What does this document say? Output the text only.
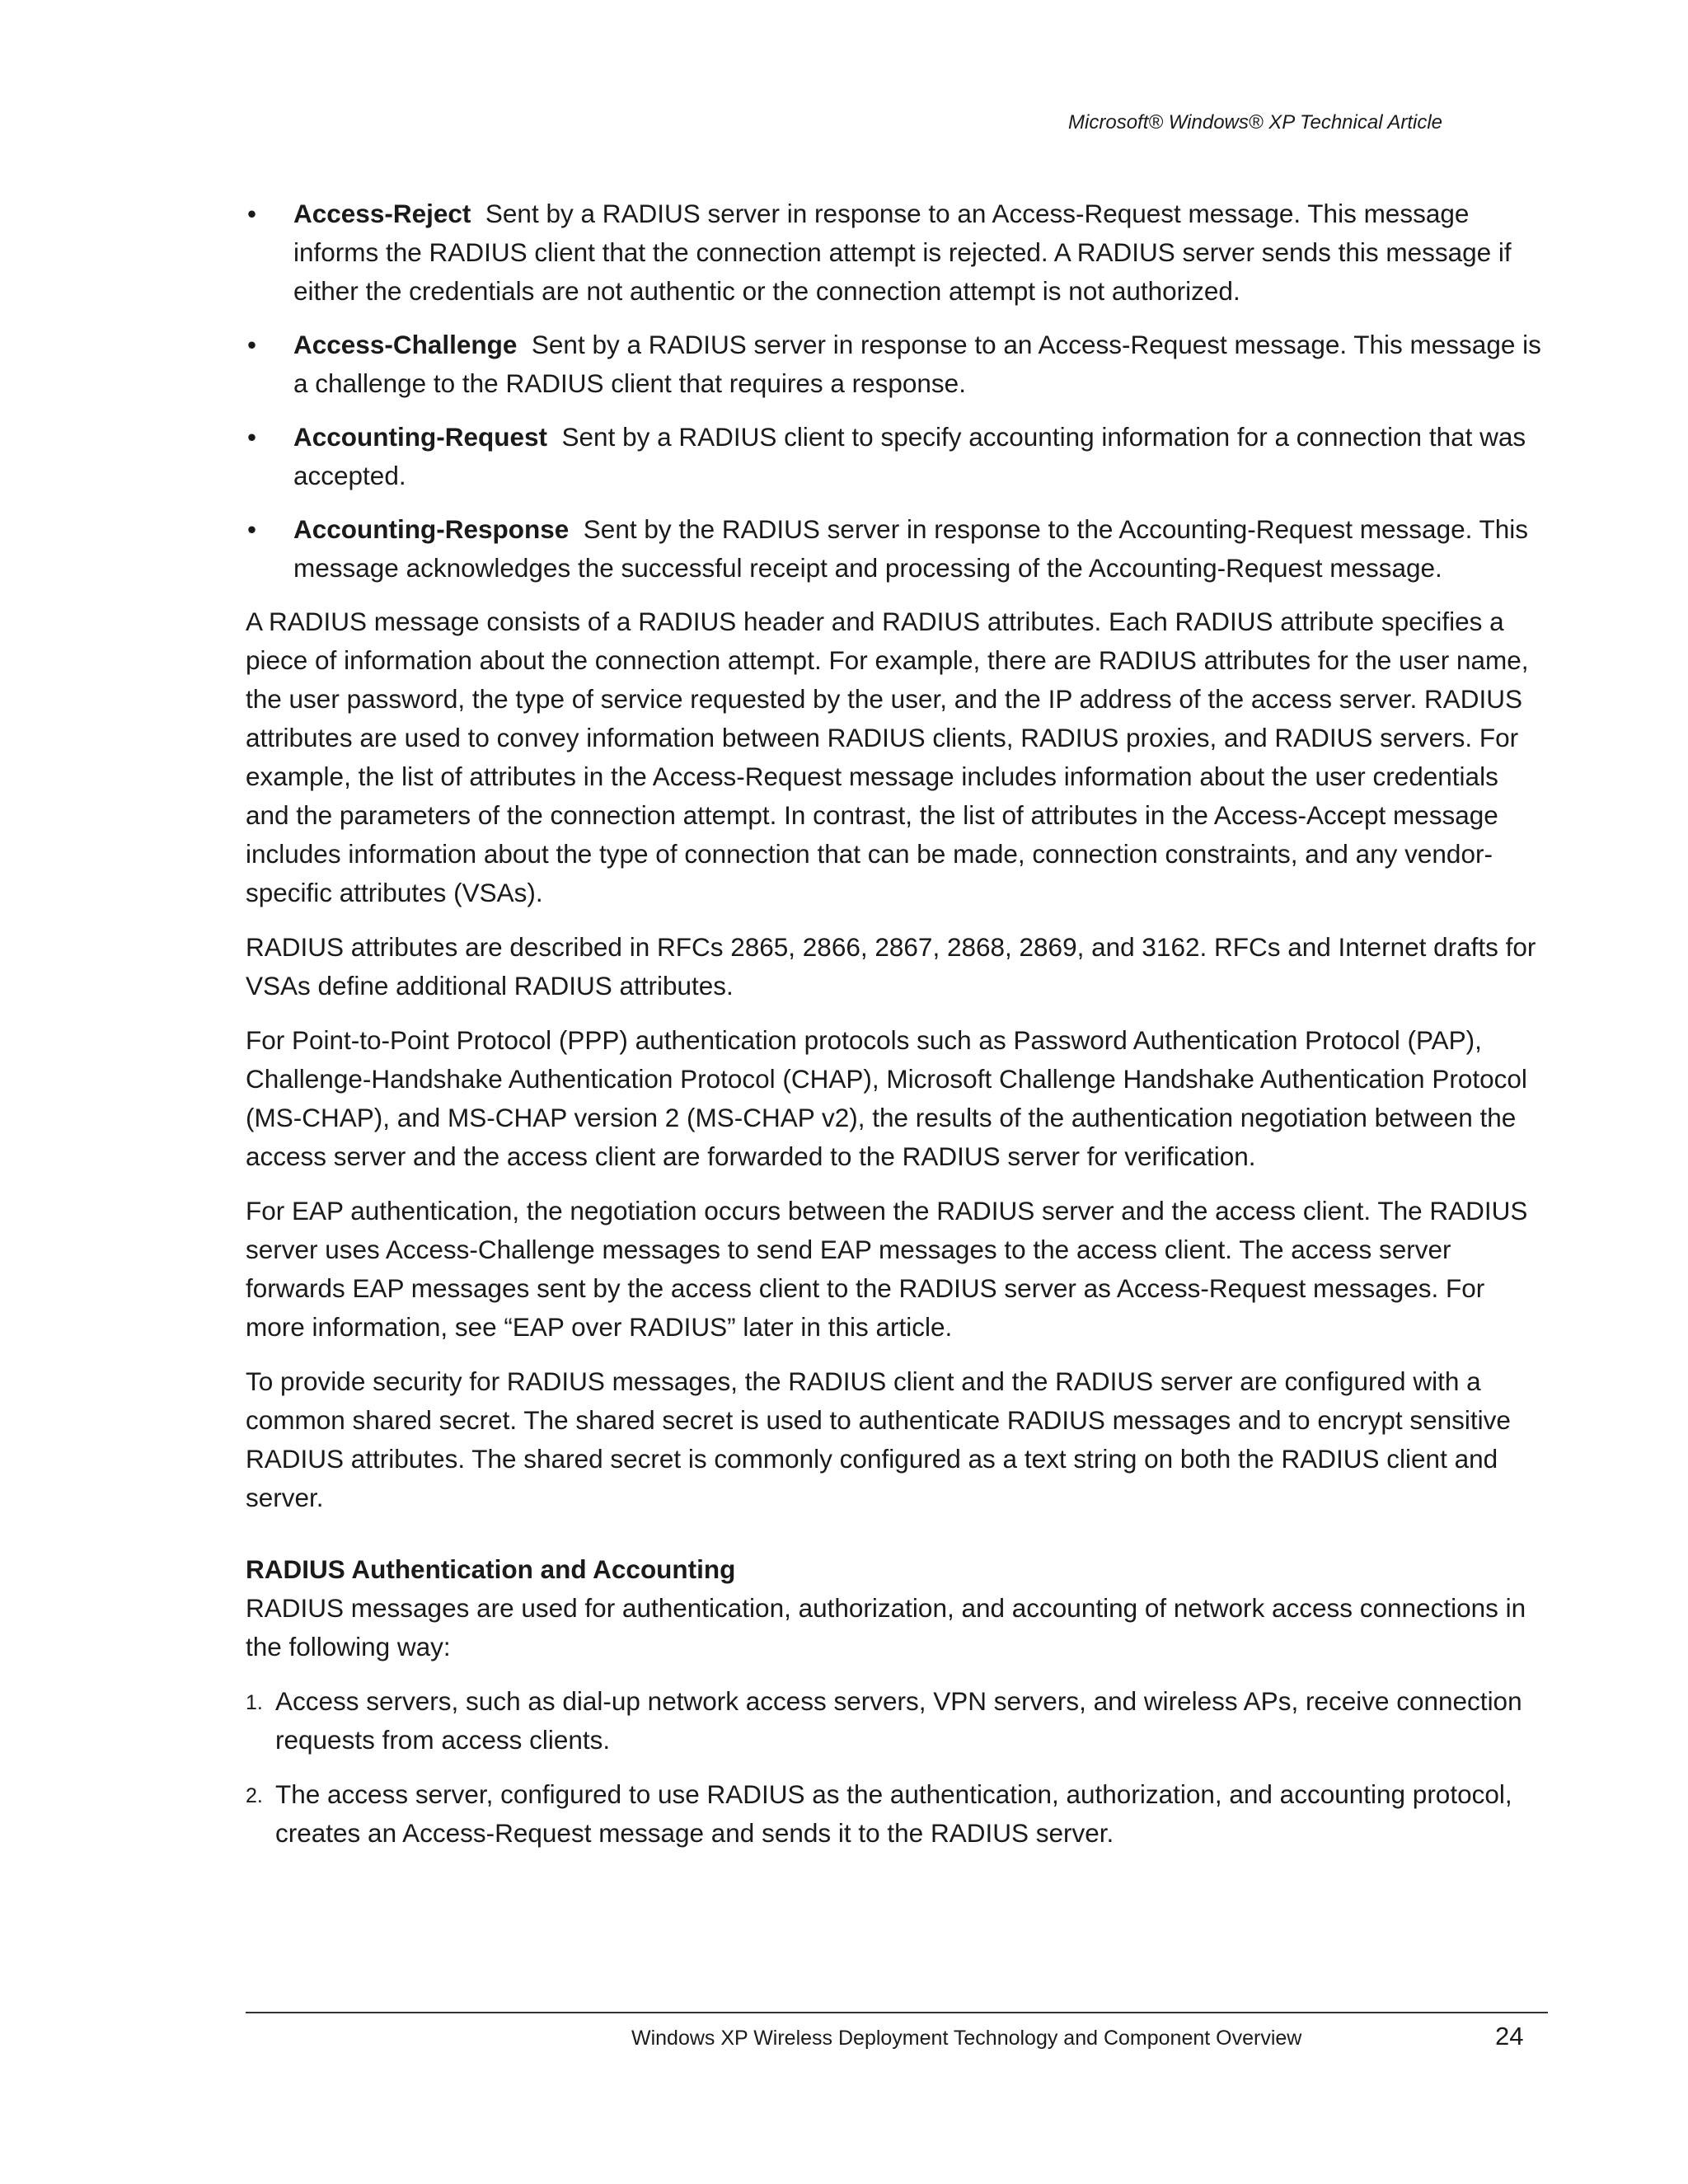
Microsoft® Windows® XP Technical Article
• Access-Reject Sent by a RADIUS server in response to an Access-Request message. This message informs the RADIUS client that the connection attempt is rejected. A RADIUS server sends this message if either the credentials are not authentic or the connection attempt is not authorized.
• Access-Challenge Sent by a RADIUS server in response to an Access-Request message. This message is a challenge to the RADIUS client that requires a response.
• Accounting-Request Sent by a RADIUS client to specify accounting information for a connection that was accepted.
• Accounting-Response Sent by the RADIUS server in response to the Accounting-Request message. This message acknowledges the successful receipt and processing of the Accounting-Request message.

A RADIUS message consists of a RADIUS header and RADIUS attributes. Each RADIUS attribute specifies a piece of information about the connection attempt. For example, there are RADIUS attributes for the user name, the user password, the type of service requested by the user, and the IP address of the access server. RADIUS attributes are used to convey information between RADIUS clients, RADIUS proxies, and RADIUS servers. For example, the list of attributes in the Access-Request message includes information about the user credentials and the parameters of the connection attempt. In contrast, the list of attributes in the Access-Accept message includes information about the type of connection that can be made, connection constraints, and any vendor-specific attributes (VSAs).

RADIUS attributes are described in RFCs 2865, 2866, 2867, 2868, 2869, and 3162. RFCs and Internet drafts for VSAs define additional RADIUS attributes.

For Point-to-Point Protocol (PPP) authentication protocols such as Password Authentication Protocol (PAP), Challenge-Handshake Authentication Protocol (CHAP), Microsoft Challenge Handshake Authentication Protocol (MS-CHAP), and MS-CHAP version 2 (MS-CHAP v2), the results of the authentication negotiation between the access server and the access client are forwarded to the RADIUS server for verification.

For EAP authentication, the negotiation occurs between the RADIUS server and the access client. The RADIUS server uses Access-Challenge messages to send EAP messages to the access client. The access server forwards EAP messages sent by the access client to the RADIUS server as Access-Request messages. For more information, see “EAP over RADIUS” later in this article.

To provide security for RADIUS messages, the RADIUS client and the RADIUS server are configured with a common shared secret. The shared secret is used to authenticate RADIUS messages and to encrypt sensitive RADIUS attributes. The shared secret is commonly configured as a text string on both the RADIUS client and server.

RADIUS Authentication and Accounting

RADIUS messages are used for authentication, authorization, and accounting of network access connections in the following way:

1. Access servers, such as dial-up network access servers, VPN servers, and wireless APs, receive connection requests from access clients.
2. The access server, configured to use RADIUS as the authentication, authorization, and accounting protocol, creates an Access-Request message and sends it to the RADIUS server.
Windows XP Wireless Deployment Technology and Component Overview	24
